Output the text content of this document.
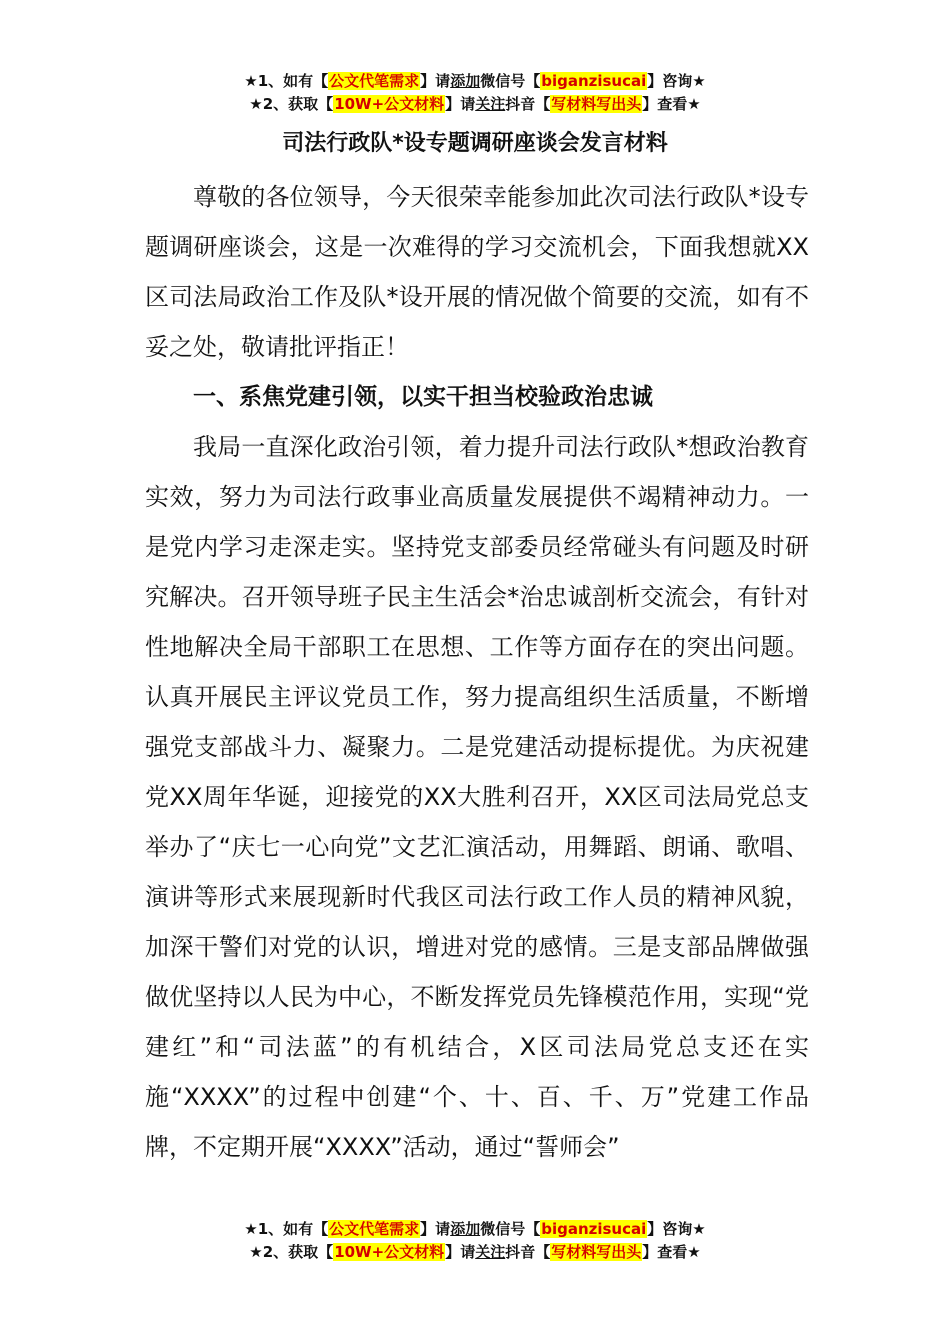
★1、如有【公文代笔需求】请添加微信号【biganzisucai】咨询★
★2、获取【10W+公文材料】请关注抖音【写材料写出头】查看★
司法行政队*设专题调研座谈会发言材料

尊敬的各位领导，今天很荣幸能参加此次司法行政队*设专题调研座谈会，这是一次难得的学习交流机会，下面我想就XX区司法局政治工作及队*设开展的情况做个简要的交流，如有不妥之处，敬请批评指正！

一、系焦党建引领，以实干担当校验政治忠诚

我局一直深化政治引领，着力提升司法行政队*想政治教育实效，努力为司法行政事业高质量发展提供不竭精神动力。一是党内学习走深走实。坚持党支部委员经常碰头有问题及时研究解决。召开领导班子民主生活会*治忠诚剖析交流会，有针对性地解决全局干部职工在思想、工作等方面存在的突出问题。认真开展民主评议党员工作，努力提高组织生活质量，不断增强党支部战斗力、凝聚力。二是党建活动提标提优。为庆祝建党XX周年华诞，迎接党的XX大胜利召开，XX区司法局党总支举办了“庆七一心向党”文艺汇演活动，用舞蹈、朗诵、歌唱、演讲等形式来展现新时代我区司法行政工作人员的精神风貌，加深干警们对党的认识，增进对党的感情。三是支部品牌做强做优坚持以人民为中心，不断发挥党员先锋模范作用，实现“党建红”和“司法蓝”的有机结合，X区司法局党总支还在实施“XXXX”的过程中创建“个、十、百、千、万”党建工作品牌，不定期开展“XXXX”活动，通过“誓师会”

★1、如有【公文代笔需求】请添加微信号【biganzisucai】咨询★
★2、获取【10W+公文材料】请关注抖音【写材料写出头】查看★
